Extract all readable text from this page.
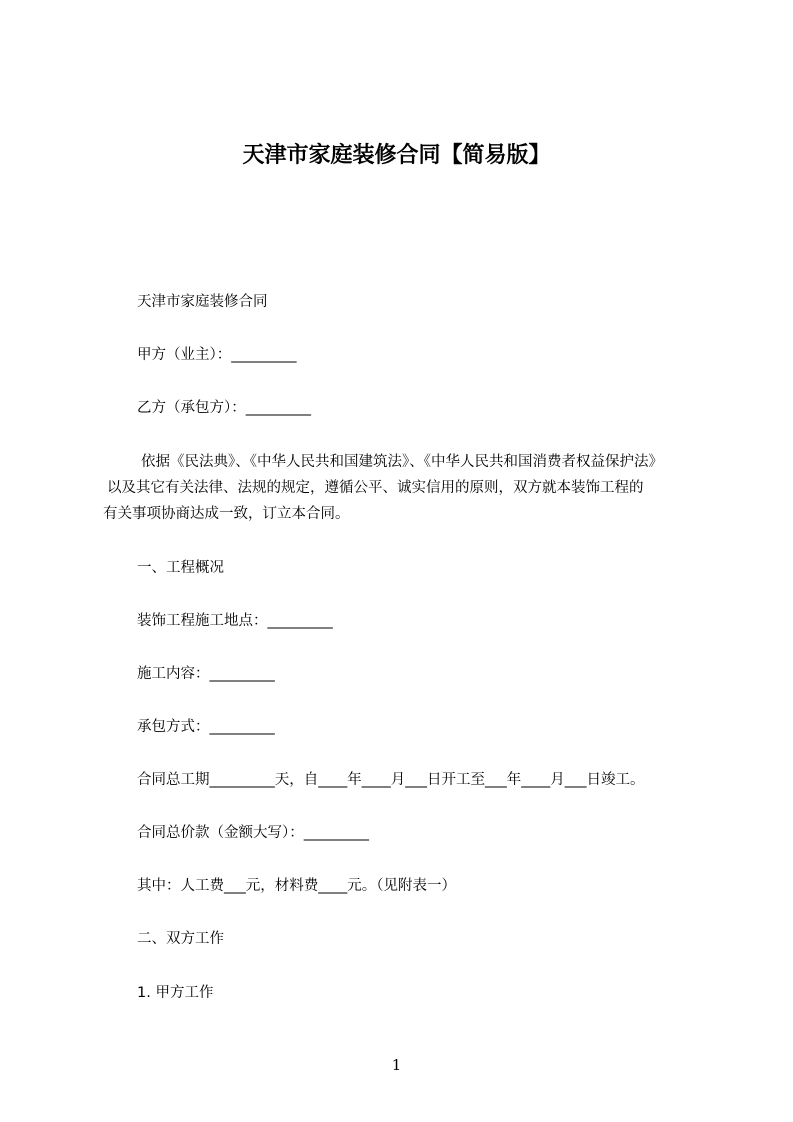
天津市家庭装修合同【简易版】
天津市家庭装修合同
甲方（业主）：_________
乙方（承包方）：_________
依据《民法典》、《中华人民共和国建筑法》、《中华人民共和国消费者权益保护法》
以及其它有关法律、法规的规定，遵循公平、诚实信用的原则，双方就本装饰工程的
有关事项协商达成一致，订立本合同。
一、工程概况
装饰工程施工地点：_________
施工内容：_________
承包方式：_________
合同总工期_________天，自____年____月___日开工至___年____月___日竣工。
合同总价款（金额大写）：_________
其中：人工费___元，材料费____元。（见附表一）
二、双方工作
1. 甲方工作
1
